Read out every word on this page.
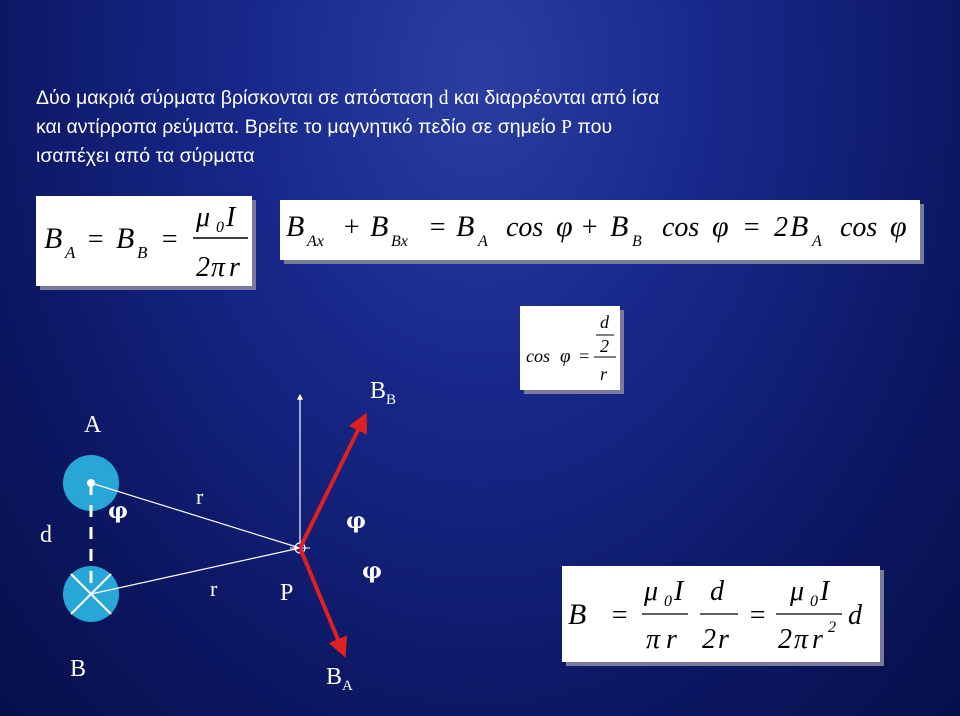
Δύο μακριά σύρματα βρίσκονται σε απόσταση d και διαρρέονται από ίσα
και αντίρροπα ρεύματα. Βρείτε το μαγνητικό πεδίο σε σημείο P που
ισαπέχει από τα σύρματα
B A = B B =
μ 0 I
2 π r
B Ax + B Bx = B A cos φ + B B cos φ = 2 B A cos φ
cos φ =
d
2
r
B =
μ 0 I
π r
d
2 r
=
μ 0 I
2 π r 2 d
A
B
d
r
r	P
$B_B$
$B_A$
φ	φ
φ
